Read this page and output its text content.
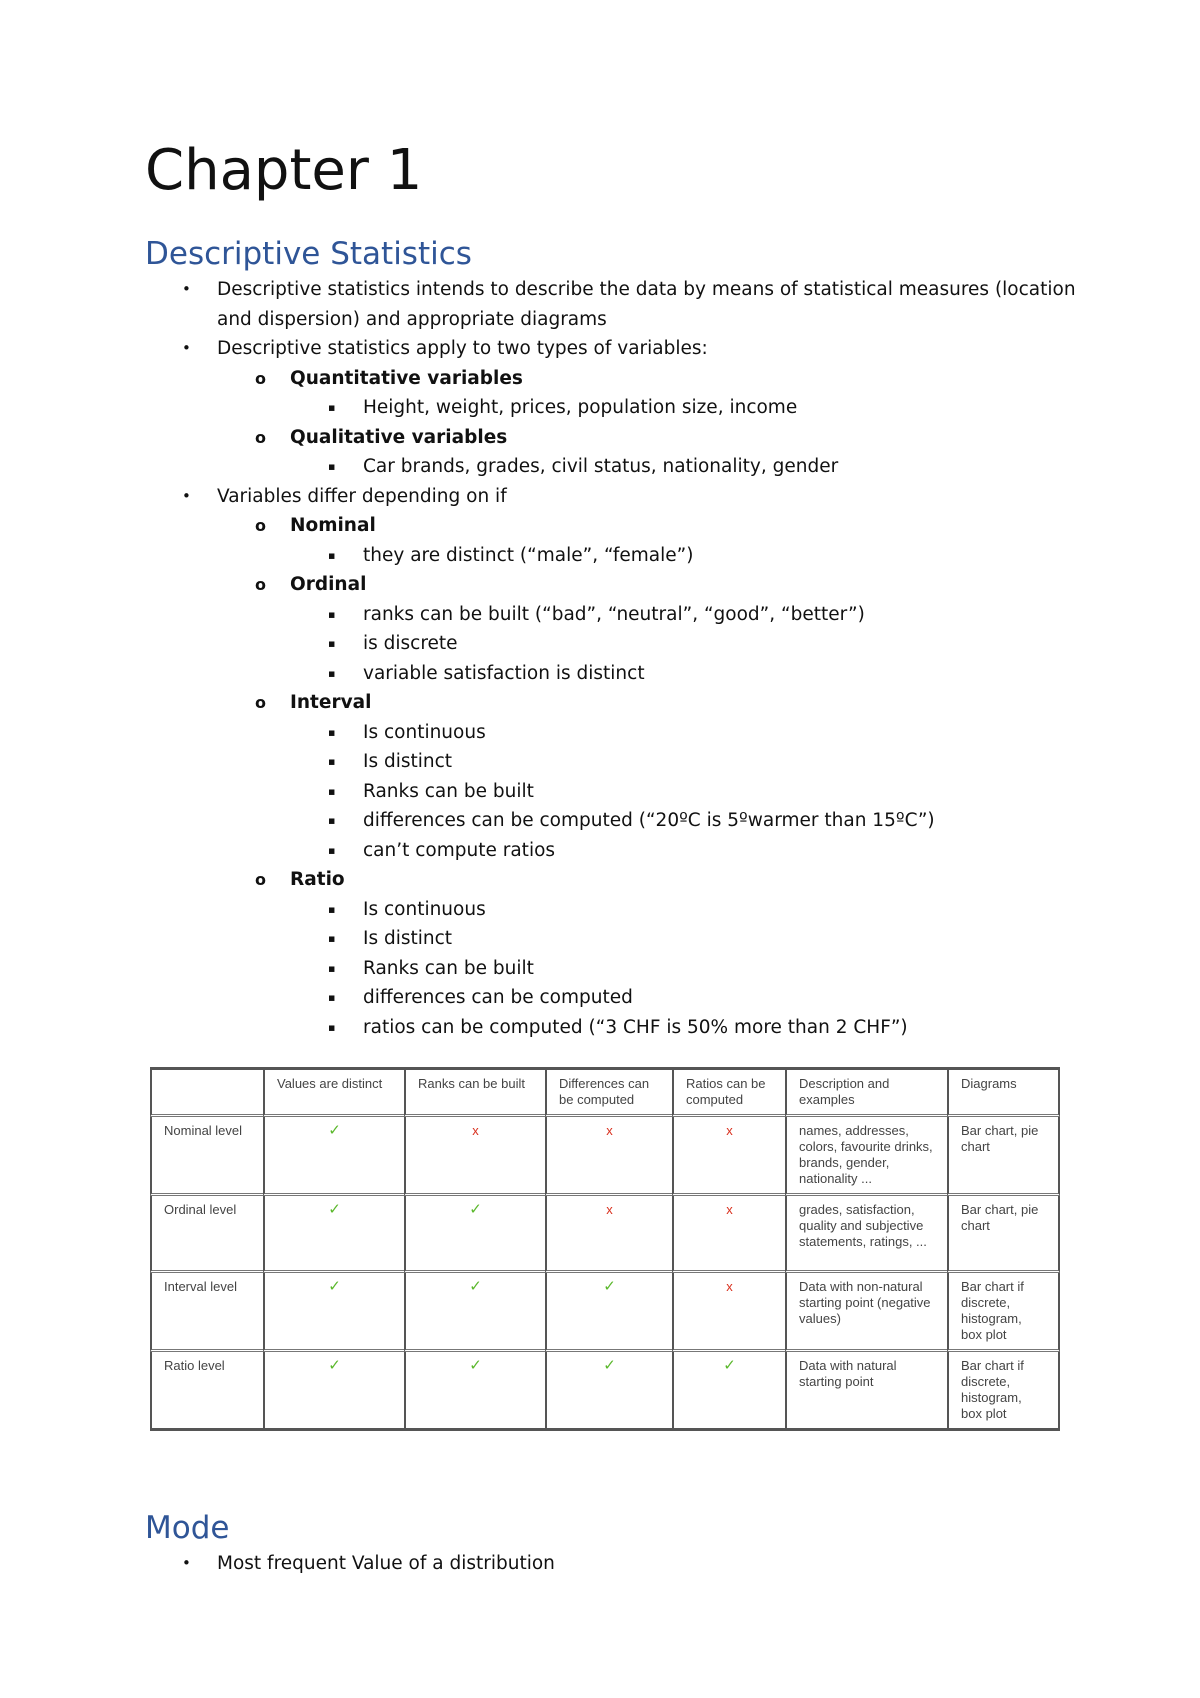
Chapter 1
Descriptive Statistics
• Descriptive statistics intends to describe the data by means of statistical measures (location
and dispersion) and appropriate diagrams
• Descriptive statistics apply to two types of variables:
o Quantitative variables
▪ Height, weight, prices, population size, income
o Qualitative variables
▪ Car brands, grades, civil status, nationality, gender
• Variables differ depending on if
o Nominal
▪ they are distinct (“male”, “female”)
o Ordinal
▪ ranks can be built (“bad”, “neutral”, “good”, “better”)
▪ is discrete
▪ variable satisfaction is distinct
o Interval
▪ Is continuous
▪ Is distinct
▪ Ranks can be built
▪ differences can be computed (“20ºC is 5ºwarmer than 15ºC”)
▪ can’t compute ratios
o Ratio
▪ Is continuous
▪ Is distinct
▪ Ranks can be built
▪ differences can be computed
▪ ratios can be computed (“3 CHF is 50% more than 2 CHF”)
	Values are distinct	Ranks can be built	Differences can be computed	Ratios can be computed	Description and examples	Diagrams
Nominal level	✓	x	x	x	names, addresses, colors, favourite drinks, brands, gender, nationality ...	Bar chart, pie chart
Ordinal level	✓	✓	x	x	grades, satisfaction, quality and subjective statements, ratings, ...	Bar chart, pie chart
Interval level	✓	✓	✓	x	Data with non-natural starting point (negative values)	Bar chart if discrete, histogram, box plot
Ratio level	✓	✓	✓	✓	Data with natural starting point	Bar chart if discrete, histogram, box plot
Mode
• Most frequent Value of a distribution
